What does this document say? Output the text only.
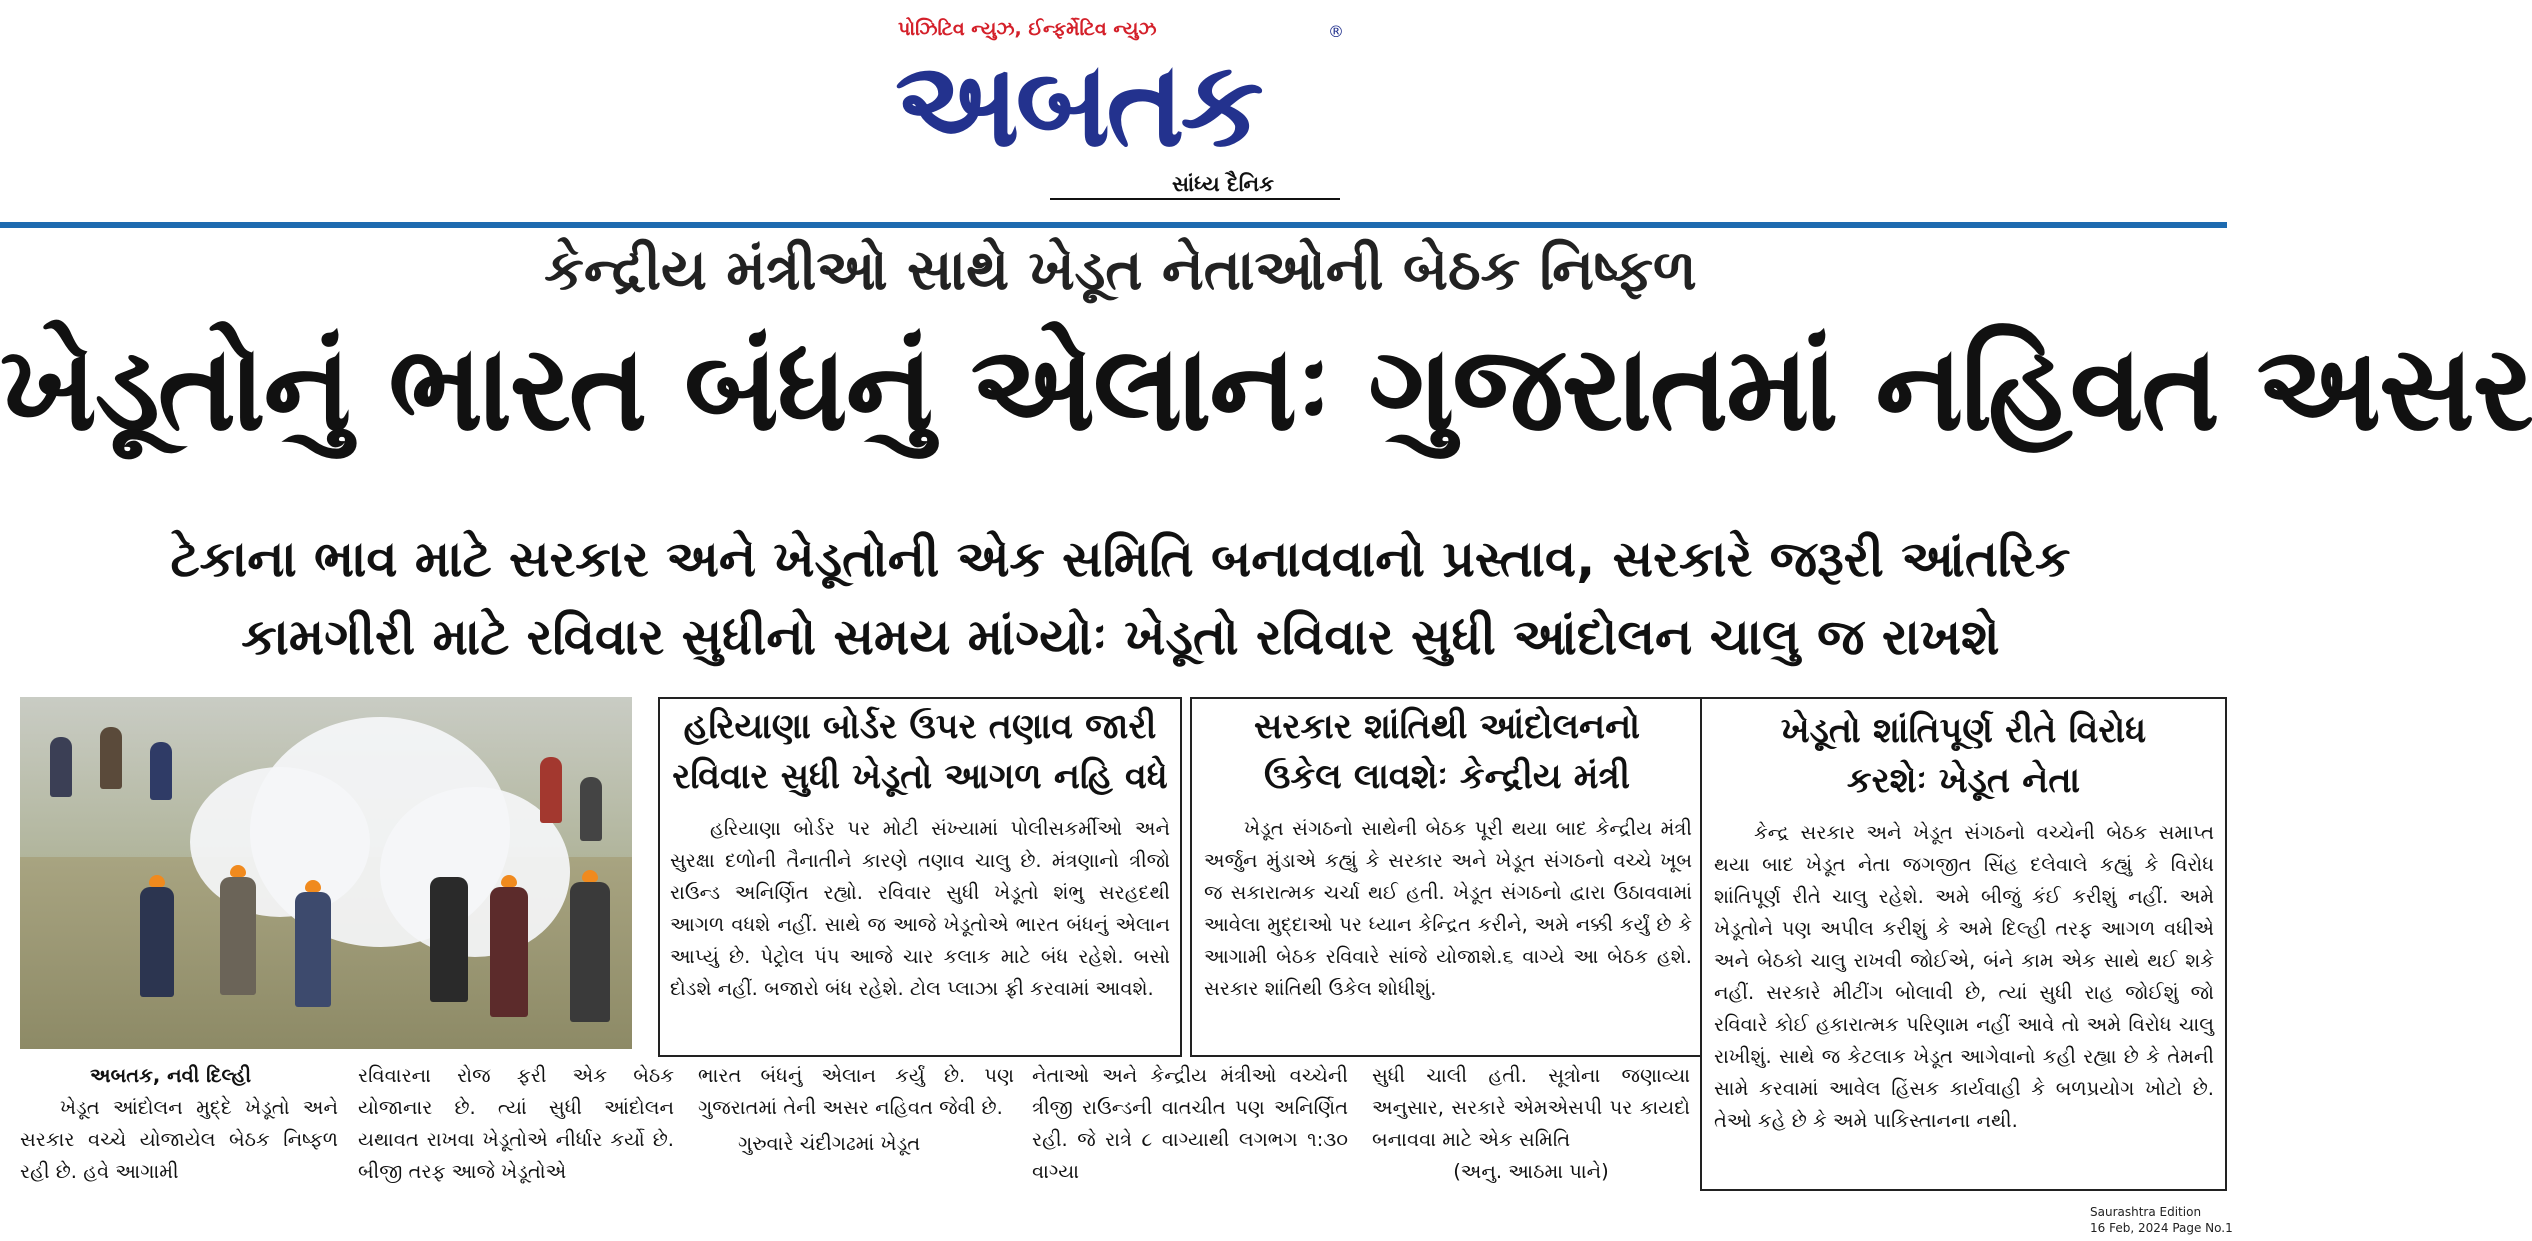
પોઝિટિવ ન્યુઝ, ઈન્ફર્મેટિવ ન્યુઝ
અબતક
®
સાંધ્ય દૈનિક
કેન્દ્રીય મંત્રીઓ સાથે ખેડૂત નેતાઓની બેઠક નિષ્ફળ
ખેડૂતોનું ભારત બંધનું એલાનઃ ગુજરાતમાં નહિવત અસર
ટેકાના ભાવ માટે સરકાર અને ખેડૂતોની એક સમિતિ બનાવવાનો પ્રસ્તાવ, સરકારે જરૂરી આંતરિક
કામગીરી માટે રવિવાર સુધીનો સમય માંગ્યોઃ ખેડૂતો રવિવાર સુધી આંદોલન ચાલુ જ રાખશે
હરિયાણા બોર્ડર ઉપર તણાવ જારી
રવિવાર સુધી ખેડૂતો આગળ નહિ વધે
હરિયાણા બોર્ડર પર મોટી સંખ્યામાં પોલીસકર્મીઓ અને સુરક્ષા દળોની તૈનાતીને કારણે તણાવ ચાલુ છે. મંત્રણાનો ત્રીજો રાઉન્ડ અનિર્ણિત રહ્યો. રવિવાર સુધી ખેડૂતો શંભુ સરહદથી આગળ વધશે નહીં. સાથે જ આજે ખેડૂતોએ ભારત બંધનું એલાન આપ્યું છે. પેટ્રોલ પંપ આજે ચાર કલાક માટે બંધ રહેશે. બસો દોડશે નહીં. બજારો બંધ રહેશે. ટોલ પ્લાઝા ફ્રી કરવામાં આવશે.
સરકાર શાંતિથી આંદોલનનો
ઉકેલ લાવશેઃ કેન્દ્રીય મંત્રી
ખેડૂત સંગઠનો સાથેની બેઠક પૂરી થયા બાદ કેન્દ્રીય મંત્રી અર્જુન મુંડાએ કહ્યું કે સરકાર અને ખેડૂત સંગઠનો વચ્ચે ખૂબ જ સકારાત્મક ચર્ચા થઈ હતી. ખેડૂત સંગઠનો દ્વારા ઉઠાવવામાં આવેલા મુદ્દાઓ પર ધ્યાન કેન્દ્રિત કરીને, અમે નક્કી કર્યું છે કે આગામી બેઠક રવિવારે સાંજે યોજાશે.૬ વાગ્યે આ બેઠક હશે. સરકાર શાંતિથી ઉકેલ શોધીશું.
ખેડૂતો શાંતિપૂર્ણ રીતે વિરોધ
કરશેઃ ખેડૂત નેતા
કેન્દ્ર સરકાર અને ખેડૂત સંગઠનો વચ્ચેની બેઠક સમાપ્ત થયા બાદ ખેડૂત નેતા જગજીત સિંહ દલેવાલે કહ્યું કે વિરોધ શાંતિપૂર્ણ રીતે ચાલુ રહેશે. અમે બીજું કંઈ કરીશું નહીં. અમે ખેડૂતોને પણ અપીલ કરીશું કે અમે દિલ્હી તરફ આગળ વધીએ અને બેઠકો ચાલુ રાખવી જોઈએ, બંને કામ એક સાથે થઈ શકે નહીં. સરકારે મીટીંગ બોલાવી છે, ત્યાં સુધી રાહ જોઈશું જો રવિવારે કોઈ હકારાત્મક પરિણામ નહીં આવે તો અમે વિરોધ ચાલુ રાખીશું. સાથે જ કેટલાક ખેડૂત આગેવાનો કહી રહ્યા છે કે તેમની સામે કરવામાં આવેલ હિંસક કાર્યવાહી કે બળપ્રયોગ ખોટો છે. તેઓ કહે છે કે અમે પાકિસ્તાનના નથી.

અબતક, નવી દિલ્હી

ખેડૂત આંદોલન મુદ્દે ખેડૂતો અને સરકાર વચ્ચે યોજાયેલ બેઠક નિષ્ફળ રહી છે. હવે આગામી

રવિવારના રોજ ફરી એક બેઠક યોજાનાર છે. ત્યાં સુધી આંદોલન યથાવત રાખવા ખેડૂતોએ નીર્ધાર કર્યો છે. બીજી તરફ આજે ખેડૂતોએ

ભારત બંધનું એલાન કર્યું છે. પણ ગુજરાતમાં તેની અસર નહિવત જેવી છે.

ગુરુવારે ચંદીગઢમાં ખેડૂત

નેતાઓ અને કેન્દ્રીય મંત્રીઓ વચ્ચેની ત્રીજી રાઉન્ડની વાતચીત પણ અનિર્ણિત રહી. જે રાત્રે ૮ વાગ્યાથી લગભગ ૧:૩૦ વાગ્યા

સુધી ચાલી હતી. સૂત્રોના જણાવ્યા અનુસાર, સરકારે એમએસપી પર કાયદો બનાવવા માટે એક સમિતિ

(અનુ. આઠમા પાને)

Saurashtra Edition
16 Feb, 2024 Page No.1
